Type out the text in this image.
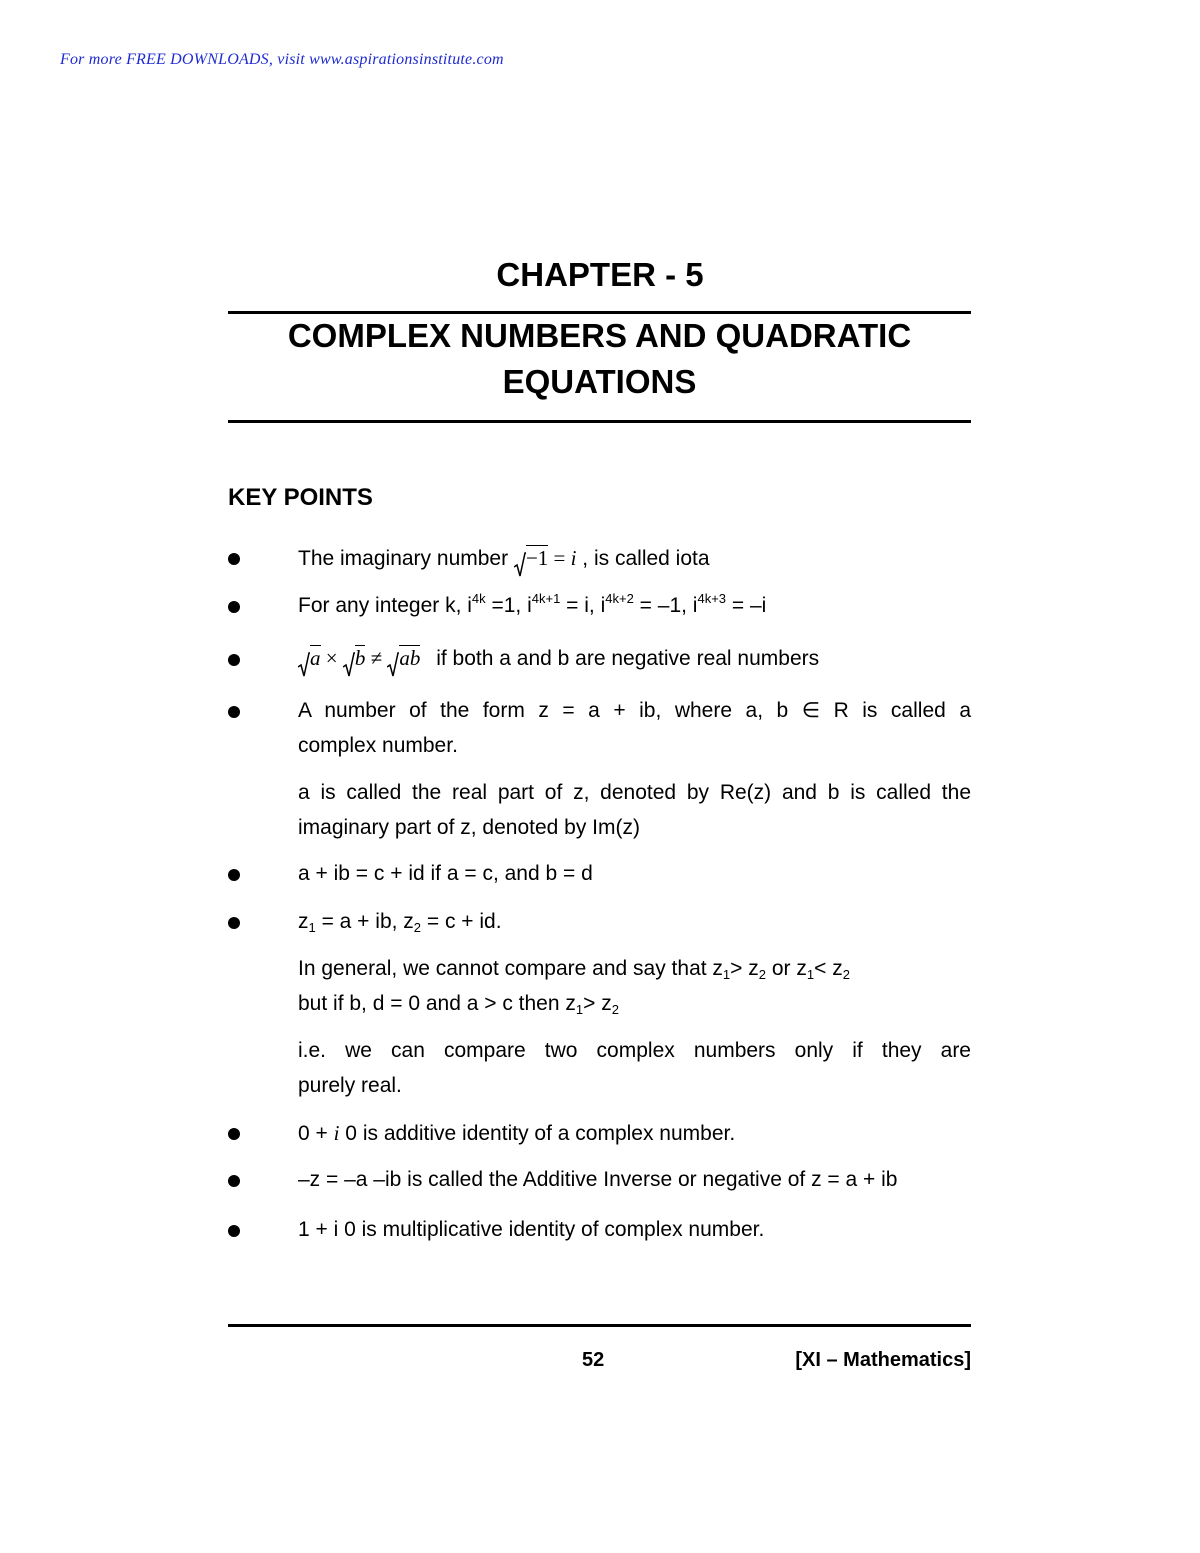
For more FREE DOWNLOADS, visit www.aspirationsinstitute.com
CHAPTER - 5
COMPLEX NUMBERS AND QUADRATIC
EQUATIONS
KEY POINTS
The imaginary number −1 = i , is called iota
For any integer k, $i^{4k} =1$, $i^{4k+1} = i$, $i^{4k+2} = -1$, $i^{4k+3} = -i$
a × b ≠ ab if both a and b are negative real numbers
A number of the form z = a + ib, where a, b ∈ R is called a
complex number.
a is called the real part of z, denoted by Re(z) and b is called the
imaginary part of z, denoted by Im(z)
a + ib = c + id if a = c, and b = d
$z_1 = a$ + ib, $z_2 = c$ + id.
In general, we cannot compare and say that $z_1> z_2$ or $z_1< z_2$
but if b, d = 0 and a > c then $z_1> z_2$
i.e. we can compare two complex numbers only if they are
purely real.
0 + i 0 is additive identity of a complex number.
–z = –a –ib is called the Additive Inverse or negative of z = a + ib
1 + i 0 is multiplicative identity of complex number.
52	[XI – Mathematics]
